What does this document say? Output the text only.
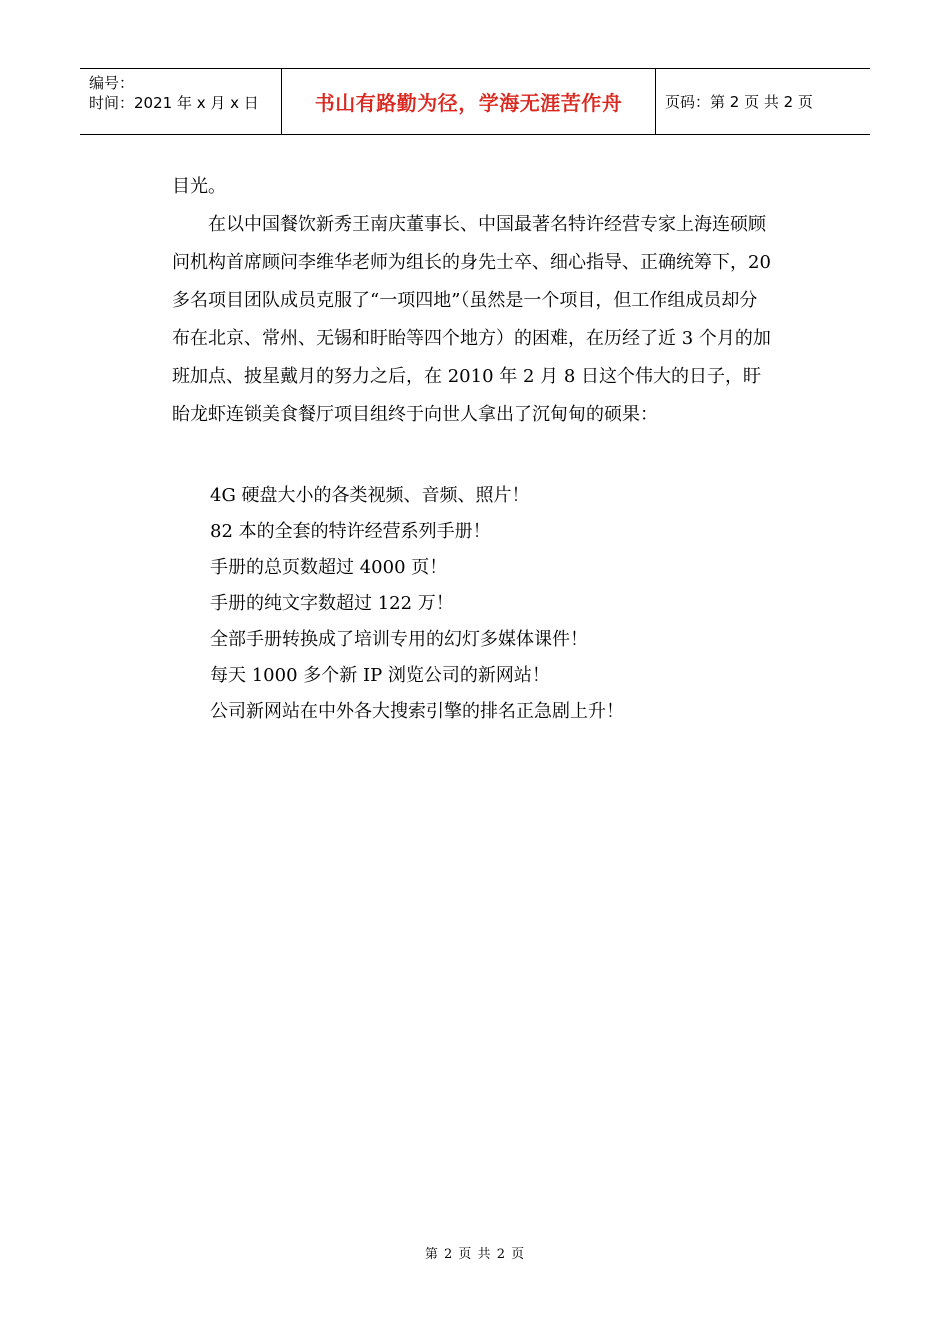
编号：
时间：2021 年 x 月 x 日	书山有路勤为径，学海无涯苦作舟	页码：第 2 页 共 2 页

目光。

在以中国餐饮新秀王南庆董事长、中国最著名特许经营专家上海连硕顾问机构首席顾问李维华老师为组长的身先士卒、细心指导、正确统筹下，20 多名项目团队成员克服了“一项四地”（虽然是一个项目，但工作组成员却分布在北京、常州、无锡和盱眙等四个地方）的困难，在历经了近 3 个月的加班加点、披星戴月的努力之后，在 2010 年 2 月 8 日这个伟大的日子，盱眙龙虾连锁美食餐厅项目组终于向世人拿出了沉甸甸的硕果：

4G 硬盘大小的各类视频、音频、照片！
82 本的全套的特许经营系列手册！
手册的总页数超过 4000 页！
手册的纯文字数超过 122 万！
全部手册转换成了培训专用的幻灯多媒体课件！
每天 1000 多个新 IP 浏览公司的新网站！
公司新网站在中外各大搜索引擎的排名正急剧上升！
第 2 页 共 2 页
